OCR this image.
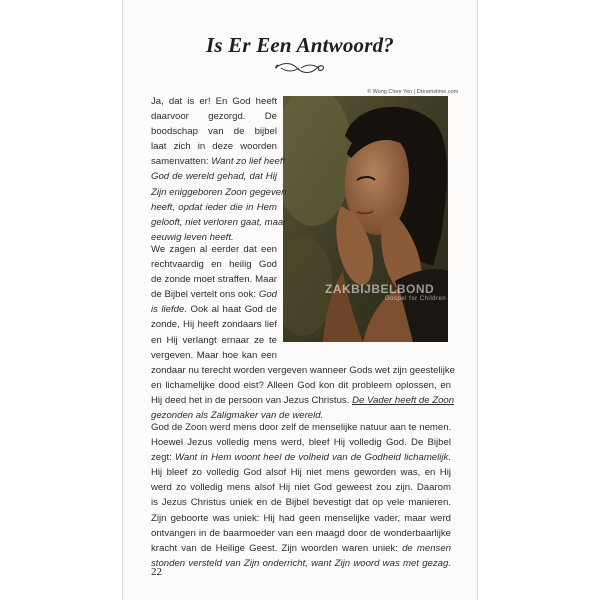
Is Er Een Antwoord?
© Wong Chee Yen | Dreamstime.com
ZAKBIJBELBOND
Gospel for Children
Ja, dat is er! En God heeft
daarvoor gezorgd. De
boodschap van de bijbel
laat zich in deze woorden
samenvatten: Want zo lief heeft
God de wereld gehad, dat Hij
Zijn eniggeboren Zoon gegeven
heeft, opdat ieder die in Hem
gelooft, niet verloren gaat, maar
eeuwig leven heeft.
We zagen al eerder dat een
rechtvaardig en heilig God
de zonde moet straffen. Maar
de Bijbel vertelt ons ook: God
is liefde. Ook al haat God de
zonde, Hij heeft zondaars lief
en Hij verlangt ernaar ze te
vergeven. Maar hoe kan een
zondaar nu terecht worden vergeven wanneer Gods wet zijn geestelijke
en lichamelijke dood eist? Alleen God kon dit probleem oplossen, en
Hij deed het in de persoon van Jezus Christus. De Vader heeft de Zoon
gezonden als Zaligmaker van de wereld.
God de Zoon werd mens door zelf de menselijke natuur aan te nemen.
Hoewel Jezus volledig mens werd, bleef Hij volledig God. De Bijbel
zegt: Want in Hem woont heel de volheid van de Godheid lichamelijk.
Hij bleef zo volledig God alsof Hij niet mens geworden was, en Hij
werd zo volledig mens alsof Hij niet God geweest zou zijn. Daarom
is Jezus Christus uniek en de Bijbel bevestigt dat op vele manieren.
Zijn geboorte was uniek: Hij had geen menselijke vader, maar werd
ontvangen in de baarmoeder van een maagd door de wonderbaarlijke
kracht van de Heilige Geest. Zijn woorden waren uniek: de mensen
stonden versteld van Zijn onderricht, want Zijn woord was met gezag.
22
